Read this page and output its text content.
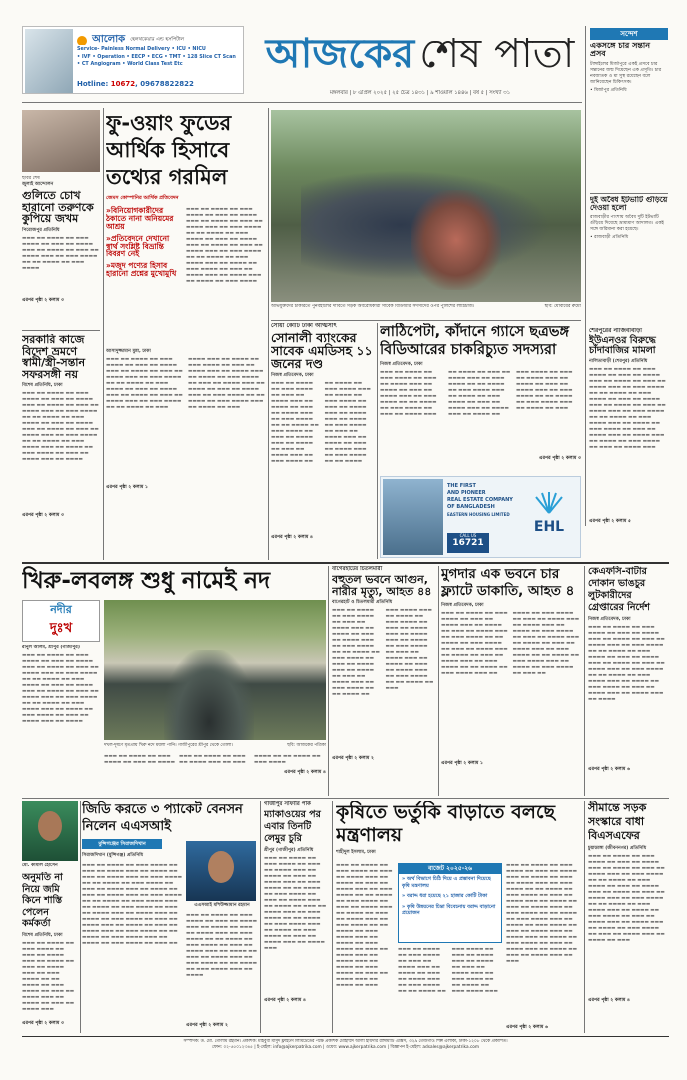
আলোক হেলথকেয়ার এন্ড হসপিটাল
Service- Painless Normal Delivery • ICU • NICU
• IVF • Operation • EECP • ECG • TMT • 128 Slice CT Scan
• CT Angiogram • World Class Test Etc
Hotline: 10672, 09678822822
আজকের শেষ পাতা
মঙ্গলবার | ৮ এপ্রিল ২০২৫ | ২৫ চৈত্র ১৪৩১ | ৯ শাওয়াল ১৪৪৬ | বর্ষ ৫ | সংখ্যা ৩১
সন্দেশ
একসঙ্গে চার সন্তান প্রসব
টাঙ্গাইলের মির্জাপুরে একই প্রসবে চার সন্তানের জন্ম দিয়েছেন এক প্রসূতি। চার নবজাতক ও মা সুস্থ রয়েছেন বলে জানিয়েছেন চিকিৎসক।
• মির্জাপুর প্রতিনিধি
দুই অবৈধ ইটভাটি গুঁড়িয়ে দেওয়া হলো
রাজবাড়ীর পাংশায় অবৈধ দুটি ইটভাটি গুঁড়িয়ে দিয়েছে ভ্রাম্যমাণ আদালত। একই সঙ্গে জরিমানা করা হয়েছে।
• রাজবাড়ী প্রতিনিধি
ছবির শেষ
জুলাই আন্দোলন
গুলিতে চোখ হারানো তরুণকে কুপিয়ে জখম
পিরোজপুর প্রতিনিধি
▬▬▬ ▬▬ ▬▬▬▬ ▬▬ ▬▬▬ ▬▬▬▬ ▬▬ ▬▬▬ ▬▬ ▬▬▬▬ ▬▬▬ ▬▬ ▬▬▬▬ ▬▬ ▬▬▬ ▬▬ ▬▬▬▬ ▬▬▬ ▬▬ ▬▬▬ ▬▬▬▬ ▬▬ ▬▬ ▬▬▬▬ ▬▬ ▬▬▬ ▬▬▬▬
এরপর পৃষ্ঠা ২ কলাম ৩
সরকারি কাজে বিদেশ ভ্রমণে স্বামী/স্ত্রী-সন্তান সফরসঙ্গী নয়
বিশেষ প্রতিনিধি, ঢাকা
▬▬▬ ▬▬ ▬▬▬▬ ▬▬ ▬▬▬ ▬▬▬▬ ▬▬ ▬▬▬ ▬▬ ▬▬▬▬ ▬▬▬ ▬▬ ▬▬▬▬ ▬▬ ▬▬▬ ▬▬ ▬▬▬▬ ▬▬▬ ▬▬ ▬▬▬ ▬▬▬▬ ▬▬ ▬▬ ▬▬▬▬ ▬▬ ▬▬▬ ▬▬▬▬ ▬▬ ▬▬▬ ▬▬ ▬▬▬▬ ▬▬▬ ▬▬ ▬▬▬▬ ▬▬ ▬▬▬ ▬▬ ▬▬▬▬ ▬▬▬ ▬▬ ▬▬▬ ▬▬▬▬ ▬▬ ▬▬ ▬▬▬▬ ▬▬ ▬▬▬ ▬▬▬▬ ▬▬▬ ▬▬ ▬▬▬▬ ▬▬ ▬▬▬ ▬▬▬▬ ▬▬ ▬▬▬ ▬▬ ▬▬▬▬ ▬▬▬ ▬▬ ▬▬▬▬
এরপর পৃষ্ঠা ২ কলাম ৩
ফু-ওয়াং ফুডের আর্থিক হিসাবে তথ্যের গরমিল
জেমস কোম্পানির আর্থিক প্রতিবেদন
»বিনিয়োগকারীদের ঠকাতে নানা অনিয়মের আশ্রয়
»প্রতিবেদনে দেখানো স্বার্থ সংশ্লিষ্ট বিভ্রান্তি বিবরণ নেই
»মজুদ পণ্যের হিসাব হারানো প্রশ্নের মুখোমুখি
▬▬▬ ▬▬ ▬▬▬▬ ▬▬ ▬▬▬ ▬▬▬▬ ▬▬ ▬▬▬ ▬▬ ▬▬▬▬ ▬▬▬ ▬▬ ▬▬▬▬ ▬▬ ▬▬▬ ▬▬ ▬▬▬▬ ▬▬▬ ▬▬ ▬▬▬ ▬▬▬▬ ▬▬ ▬▬ ▬▬▬▬ ▬▬ ▬▬▬ ▬▬▬▬ ▬▬ ▬▬▬ ▬▬ ▬▬▬▬ ▬▬▬ ▬▬ ▬▬▬▬ ▬▬ ▬▬▬ ▬▬ ▬▬▬▬ ▬▬▬ ▬▬ ▬▬▬ ▬▬▬▬ ▬▬ ▬▬ ▬▬▬▬ ▬▬ ▬▬▬ ▬▬▬▬ ▬▬▬ ▬▬ ▬▬▬▬ ▬▬ ▬▬▬ ▬▬▬▬ ▬▬ ▬▬▬ ▬▬ ▬▬▬▬ ▬▬▬ ▬▬ ▬▬▬▬ ▬▬▬ ▬▬ ▬▬▬▬ ▬▬ ▬▬▬ ▬▬▬▬
আসাদুজ্জামান মুন্না, ঢাকা
▬▬▬ ▬▬ ▬▬▬▬ ▬▬ ▬▬▬ ▬▬▬▬ ▬▬ ▬▬▬ ▬▬ ▬▬▬▬ ▬▬▬ ▬▬ ▬▬▬▬ ▬▬ ▬▬▬ ▬▬ ▬▬▬▬ ▬▬▬ ▬▬ ▬▬▬ ▬▬▬▬ ▬▬ ▬▬ ▬▬▬▬ ▬▬ ▬▬▬ ▬▬▬▬ ▬▬ ▬▬▬ ▬▬ ▬▬▬▬ ▬▬▬ ▬▬ ▬▬▬▬ ▬▬ ▬▬▬ ▬▬ ▬▬▬▬ ▬▬▬ ▬▬ ▬▬▬ ▬▬▬▬ ▬▬ ▬▬ ▬▬▬▬ ▬▬ ▬▬▬ ▬▬▬▬ ▬▬▬ ▬▬ ▬▬▬▬ ▬▬ ▬▬▬ ▬▬▬▬ ▬▬ ▬▬▬ ▬▬ ▬▬▬▬ ▬▬▬ ▬▬ ▬▬▬▬ ▬▬▬ ▬▬ ▬▬▬▬ ▬▬ ▬▬▬ ▬▬▬▬ ▬▬ ▬▬▬ ▬▬ ▬▬▬▬ ▬▬▬ ▬▬ ▬▬▬▬ ▬▬ ▬▬▬ ▬▬ ▬▬▬▬ ▬▬▬ ▬▬ ▬▬▬ ▬▬▬▬ ▬▬ ▬▬ ▬▬▬▬ ▬▬ ▬▬▬ ▬▬▬▬ ▬▬▬ ▬▬ ▬▬▬▬ ▬▬ ▬▬▬
এরপর পৃষ্ঠা ২ কলাম ১
অভিযুক্তদের চাকরিতে পুনর্বহালের দাবিতে সড়ক অবরোধকারী সাবেক বিডিআর সদস্যদের ওপর পুলিশের লাঠিচার্জ।	ছবি: যোবায়ের রুমো
সোয়া কোটি টাকা আত্মসাৎ
সোনালী ব্যাংকের সাবেক এমডিসহ ১১ জনের দণ্ড
নিজস্ব প্রতিবেদক, ঢাকা
▬▬▬ ▬▬ ▬▬▬▬ ▬▬ ▬▬▬ ▬▬▬▬ ▬▬ ▬▬▬ ▬▬ ▬▬▬▬ ▬▬▬ ▬▬ ▬▬▬▬ ▬▬ ▬▬▬ ▬▬ ▬▬▬▬ ▬▬▬ ▬▬ ▬▬▬ ▬▬▬▬ ▬▬ ▬▬ ▬▬▬▬ ▬▬ ▬▬▬ ▬▬▬▬ ▬▬ ▬▬▬ ▬▬ ▬▬▬▬ ▬▬▬ ▬▬ ▬▬▬▬ ▬▬ ▬▬▬ ▬▬ ▬▬▬▬ ▬▬▬ ▬▬ ▬▬▬ ▬▬▬▬ ▬▬ ▬▬ ▬▬▬▬ ▬▬ ▬▬▬ ▬▬▬▬ ▬▬▬ ▬▬ ▬▬▬▬ ▬▬ ▬▬▬ ▬▬▬▬ ▬▬ ▬▬▬ ▬▬ ▬▬▬▬ ▬▬▬ ▬▬ ▬▬▬▬ ▬▬▬ ▬▬ ▬▬▬▬ ▬▬ ▬▬▬ ▬▬▬▬ ▬▬ ▬▬▬ ▬▬ ▬▬▬▬ ▬▬▬ ▬▬ ▬▬▬▬ ▬▬ ▬▬▬ ▬▬ ▬▬▬▬ ▬▬▬ ▬▬ ▬▬▬ ▬▬▬▬ ▬▬ ▬▬ ▬▬▬▬
এরপর পৃষ্ঠা ২ কলাম ৪
লাঠিপেটা, কাঁদানে গ্যাসে ছত্রভঙ্গ বিডিআরের চাকরিচ্যুত সদস্যরা
নিজস্ব প্রতিবেদক, ঢাকা
▬▬▬ ▬▬ ▬▬▬▬ ▬▬ ▬▬▬ ▬▬▬▬ ▬▬ ▬▬▬ ▬▬ ▬▬▬▬ ▬▬▬ ▬▬ ▬▬▬▬ ▬▬ ▬▬▬ ▬▬ ▬▬▬▬ ▬▬▬ ▬▬ ▬▬▬ ▬▬▬▬ ▬▬ ▬▬ ▬▬▬▬ ▬▬ ▬▬▬ ▬▬▬▬ ▬▬ ▬▬▬ ▬▬ ▬▬▬▬ ▬▬▬ ▬▬ ▬▬▬▬ ▬▬ ▬▬▬ ▬▬ ▬▬▬▬ ▬▬▬ ▬▬ ▬▬▬ ▬▬▬▬ ▬▬ ▬▬ ▬▬▬▬ ▬▬ ▬▬▬ ▬▬▬▬ ▬▬▬ ▬▬ ▬▬▬▬ ▬▬ ▬▬▬ ▬▬▬▬ ▬▬ ▬▬▬ ▬▬ ▬▬▬▬ ▬▬▬ ▬▬ ▬▬▬▬ ▬▬▬ ▬▬ ▬▬▬▬ ▬▬ ▬▬▬ ▬▬▬▬ ▬▬ ▬▬▬ ▬▬ ▬▬▬▬ ▬▬▬ ▬▬ ▬▬▬▬ ▬▬ ▬▬▬ ▬▬ ▬▬▬▬ ▬▬▬ ▬▬ ▬▬▬ ▬▬▬▬ ▬▬ ▬▬ ▬▬▬▬ ▬▬ ▬▬▬ ▬▬▬▬ ▬▬▬ ▬▬ ▬▬▬▬ ▬▬ ▬▬▬
এরপর পৃষ্ঠা ২ কলাম ৩
THE FIRST
AND PIONEER
REAL ESTATE COMPANY
OF BANGLADESH
EASTERN HOUSING LIMITED
CALL US
16721
EHL
শেরপুরের নাজিবাবাড়ী
ইউএনওর বিরুদ্ধে চাঁদাবাজির মামলা
নালিতাবাড়ী (শেরপুর) প্রতিনিধি
▬▬▬ ▬▬ ▬▬▬▬ ▬▬ ▬▬▬ ▬▬▬▬ ▬▬ ▬▬▬ ▬▬ ▬▬▬▬ ▬▬▬ ▬▬ ▬▬▬▬ ▬▬ ▬▬▬ ▬▬ ▬▬▬▬ ▬▬▬ ▬▬ ▬▬▬ ▬▬▬▬ ▬▬ ▬▬ ▬▬▬▬ ▬▬ ▬▬▬ ▬▬▬▬ ▬▬ ▬▬▬ ▬▬ ▬▬▬▬ ▬▬▬ ▬▬ ▬▬▬▬ ▬▬ ▬▬▬ ▬▬ ▬▬▬▬ ▬▬▬ ▬▬ ▬▬▬ ▬▬▬▬ ▬▬ ▬▬ ▬▬▬▬ ▬▬ ▬▬▬ ▬▬▬▬ ▬▬▬ ▬▬ ▬▬▬▬ ▬▬ ▬▬▬ ▬▬▬▬ ▬▬ ▬▬▬ ▬▬ ▬▬▬▬ ▬▬▬ ▬▬ ▬▬▬▬ ▬▬▬ ▬▬ ▬▬▬▬ ▬▬ ▬▬▬ ▬▬▬▬ ▬▬ ▬▬▬ ▬▬ ▬▬▬▬ ▬▬▬
এরপর পৃষ্ঠা ২ কলাম ৫
খিরু-লবলঙ্গ শুধু নামেই নদ
নদীর
দুঃখ
রানুল আলম, শ্রীপুর (গাজীপুর)
▬▬▬ ▬▬ ▬▬▬▬ ▬▬ ▬▬▬ ▬▬▬▬ ▬▬ ▬▬▬ ▬▬ ▬▬▬▬ ▬▬▬ ▬▬ ▬▬▬▬ ▬▬ ▬▬▬ ▬▬ ▬▬▬▬ ▬▬▬ ▬▬ ▬▬▬ ▬▬▬▬ ▬▬ ▬▬ ▬▬▬▬ ▬▬ ▬▬▬ ▬▬▬▬ ▬▬ ▬▬▬ ▬▬ ▬▬▬▬ ▬▬▬ ▬▬ ▬▬▬▬ ▬▬ ▬▬▬ ▬▬ ▬▬▬▬ ▬▬▬ ▬▬ ▬▬▬ ▬▬▬▬ ▬▬ ▬▬ ▬▬▬▬ ▬▬ ▬▬▬ ▬▬▬▬ ▬▬▬ ▬▬ ▬▬▬▬ ▬▬ ▬▬▬ ▬▬▬▬ ▬▬ ▬▬▬ ▬▬ ▬▬▬▬ ▬▬▬ ▬▬ ▬▬▬▬
দখল-দূষণে মৃতপ্রায় খিরু নদে ময়লা পানি। গাজীপুরের শ্রীপুর থেকে তোলা।	ছবি: আজকের পত্রিকা
▬▬▬ ▬▬ ▬▬▬▬ ▬▬ ▬▬▬ ▬▬▬▬ ▬▬ ▬▬▬ ▬▬ ▬▬▬▬ ▬▬▬ ▬▬ ▬▬▬▬ ▬▬ ▬▬▬ ▬▬ ▬▬▬▬ ▬▬▬ ▬▬ ▬▬▬ ▬▬▬▬ ▬▬ ▬▬ ▬▬▬▬ ▬▬ ▬▬▬ ▬▬▬▬
এরপর পৃষ্ঠা ২ কলাম ৪
বাগেরহাটের চিতলমারী
বহুতল ভবনে আগুন, নারীর মৃত্যু, আহত ৪৪
বাগেরহাট ও চিতলমারী প্রতিনিধি
▬▬▬ ▬▬ ▬▬▬▬ ▬▬ ▬▬▬ ▬▬▬▬ ▬▬ ▬▬▬ ▬▬ ▬▬▬▬ ▬▬▬ ▬▬ ▬▬▬▬ ▬▬ ▬▬▬ ▬▬ ▬▬▬▬ ▬▬▬ ▬▬ ▬▬▬ ▬▬▬▬ ▬▬ ▬▬ ▬▬▬▬ ▬▬ ▬▬▬ ▬▬▬▬ ▬▬ ▬▬▬ ▬▬ ▬▬▬▬ ▬▬▬ ▬▬ ▬▬▬▬ ▬▬ ▬▬▬ ▬▬ ▬▬▬▬ ▬▬▬ ▬▬ ▬▬▬ ▬▬▬▬ ▬▬ ▬▬ ▬▬▬▬ ▬▬ ▬▬▬ ▬▬▬▬ ▬▬▬ ▬▬ ▬▬▬▬ ▬▬ ▬▬▬ ▬▬▬▬ ▬▬ ▬▬▬ ▬▬ ▬▬▬▬ ▬▬▬ ▬▬ ▬▬▬▬ ▬▬▬ ▬▬ ▬▬▬▬ ▬▬ ▬▬▬ ▬▬▬▬ ▬▬ ▬▬▬ ▬▬ ▬▬▬▬ ▬▬▬ ▬▬ ▬▬▬▬ ▬▬ ▬▬▬ ▬▬ ▬▬▬▬ ▬▬▬ ▬▬ ▬▬▬ ▬▬▬▬ ▬▬ ▬▬ ▬▬▬▬ ▬▬ ▬▬▬
এরপর পৃষ্ঠা ২ কলাম ২
মুগদার এক ভবনে চার ফ্ল্যাটে ডাকাতি, আহত ৪
নিজস্ব প্রতিবেদক, ঢাকা
▬▬▬ ▬▬ ▬▬▬▬ ▬▬ ▬▬▬ ▬▬▬▬ ▬▬ ▬▬▬ ▬▬ ▬▬▬▬ ▬▬▬ ▬▬ ▬▬▬▬ ▬▬ ▬▬▬ ▬▬ ▬▬▬▬ ▬▬▬ ▬▬ ▬▬▬ ▬▬▬▬ ▬▬ ▬▬ ▬▬▬▬ ▬▬ ▬▬▬ ▬▬▬▬ ▬▬ ▬▬▬ ▬▬ ▬▬▬▬ ▬▬▬ ▬▬ ▬▬▬▬ ▬▬ ▬▬▬ ▬▬ ▬▬▬▬ ▬▬▬ ▬▬ ▬▬▬ ▬▬▬▬ ▬▬ ▬▬ ▬▬▬▬ ▬▬ ▬▬▬ ▬▬▬▬ ▬▬▬ ▬▬ ▬▬▬▬ ▬▬ ▬▬▬ ▬▬▬▬ ▬▬ ▬▬▬ ▬▬ ▬▬▬▬ ▬▬▬ ▬▬ ▬▬▬▬ ▬▬▬ ▬▬ ▬▬▬▬ ▬▬ ▬▬▬ ▬▬▬▬ ▬▬ ▬▬▬ ▬▬ ▬▬▬▬ ▬▬▬ ▬▬ ▬▬▬▬ ▬▬ ▬▬▬ ▬▬ ▬▬▬▬ ▬▬▬ ▬▬ ▬▬▬ ▬▬▬▬ ▬▬ ▬▬ ▬▬▬▬ ▬▬ ▬▬▬ ▬▬▬▬ ▬▬▬ ▬▬ ▬▬▬▬ ▬▬ ▬▬▬ ▬▬▬▬ ▬▬ ▬▬▬ ▬▬
এরপর পৃষ্ঠা ২ কলাম ১
কেএফসি-বাটার দোকান ভাঙচুর লুটকারীদের গ্রেপ্তারের নির্দেশ
নিজস্ব প্রতিবেদক, ঢাকা
▬▬▬ ▬▬ ▬▬▬▬ ▬▬ ▬▬▬ ▬▬▬▬ ▬▬ ▬▬▬ ▬▬ ▬▬▬▬ ▬▬▬ ▬▬ ▬▬▬▬ ▬▬ ▬▬▬ ▬▬ ▬▬▬▬ ▬▬▬ ▬▬ ▬▬▬ ▬▬▬▬ ▬▬ ▬▬ ▬▬▬▬ ▬▬ ▬▬▬ ▬▬▬▬ ▬▬ ▬▬▬ ▬▬ ▬▬▬▬ ▬▬▬ ▬▬ ▬▬▬▬ ▬▬ ▬▬▬ ▬▬ ▬▬▬▬ ▬▬▬ ▬▬ ▬▬▬ ▬▬▬▬ ▬▬ ▬▬ ▬▬▬▬ ▬▬ ▬▬▬ ▬▬▬▬ ▬▬▬ ▬▬ ▬▬▬▬ ▬▬ ▬▬▬ ▬▬▬▬ ▬▬ ▬▬▬ ▬▬ ▬▬▬▬ ▬▬▬ ▬▬ ▬▬▬▬ ▬▬▬ ▬▬ ▬▬▬▬
এরপর পৃষ্ঠা ২ কলাম ৬
জিডি করতে ৩ প্যাকেট বেনসন নিলেন এএসআই
মুন্সিগঞ্জের সিরাজদিখান
সিরাজদিখান (মুন্সিগঞ্জ) প্রতিনিধি
এএসআই মশিউজ্জামান রহমান
▬▬▬ ▬▬ ▬▬▬▬ ▬▬ ▬▬▬ ▬▬▬▬ ▬▬ ▬▬▬ ▬▬ ▬▬▬▬ ▬▬▬ ▬▬ ▬▬▬▬ ▬▬ ▬▬▬ ▬▬ ▬▬▬▬ ▬▬▬ ▬▬ ▬▬▬ ▬▬▬▬ ▬▬ ▬▬ ▬▬▬▬ ▬▬ ▬▬▬ ▬▬▬▬ ▬▬ ▬▬▬ ▬▬ ▬▬▬▬ ▬▬▬ ▬▬ ▬▬▬▬ ▬▬ ▬▬▬ ▬▬ ▬▬▬▬ ▬▬▬ ▬▬ ▬▬▬ ▬▬▬▬ ▬▬ ▬▬ ▬▬▬▬ ▬▬ ▬▬▬ ▬▬▬▬ ▬▬▬ ▬▬ ▬▬▬▬ ▬▬ ▬▬▬ ▬▬▬▬ ▬▬ ▬▬▬ ▬▬ ▬▬▬▬ ▬▬▬ ▬▬ ▬▬▬▬ ▬▬▬ ▬▬ ▬▬▬▬ ▬▬ ▬▬▬ ▬▬▬▬ ▬▬ ▬▬▬ ▬▬ ▬▬▬▬ ▬▬▬ ▬▬ ▬▬▬▬ ▬▬ ▬▬▬ ▬▬ ▬▬▬▬ ▬▬▬ ▬▬ ▬▬▬ ▬▬▬▬ ▬▬ ▬▬ ▬▬▬▬ ▬▬ ▬▬▬ ▬▬▬▬ ▬▬▬ ▬▬ ▬▬▬▬ ▬▬ ▬▬▬ ▬▬▬▬ ▬▬ ▬▬▬ ▬▬
▬▬▬ ▬▬ ▬▬▬▬ ▬▬ ▬▬▬ ▬▬▬▬ ▬▬ ▬▬▬ ▬▬ ▬▬▬▬ ▬▬▬ ▬▬ ▬▬▬▬ ▬▬ ▬▬▬ ▬▬ ▬▬▬▬ ▬▬▬ ▬▬ ▬▬▬ ▬▬▬▬ ▬▬ ▬▬ ▬▬▬▬ ▬▬ ▬▬▬ ▬▬▬▬ ▬▬ ▬▬▬ ▬▬ ▬▬▬▬ ▬▬▬ ▬▬ ▬▬▬▬ ▬▬ ▬▬▬ ▬▬ ▬▬▬▬ ▬▬▬ ▬▬ ▬▬▬ ▬▬▬▬ ▬▬ ▬▬ ▬▬▬▬ ▬▬ ▬▬▬ ▬▬▬▬ ▬▬▬ ▬▬ ▬▬▬▬
এরপর পৃষ্ঠা ২ কলাম ২
মো. কামাল হোসেন
অনুমতি না নিয়ে জমি কিনে শাস্তি পেলেন কর্মকর্তা
বিশেষ প্রতিনিধি, ঢাকা
▬▬▬ ▬▬ ▬▬▬▬ ▬▬ ▬▬▬ ▬▬▬▬ ▬▬ ▬▬▬ ▬▬ ▬▬▬▬ ▬▬▬ ▬▬ ▬▬▬▬ ▬▬ ▬▬▬ ▬▬ ▬▬▬▬ ▬▬▬ ▬▬ ▬▬▬ ▬▬▬▬ ▬▬ ▬▬ ▬▬▬▬ ▬▬ ▬▬▬ ▬▬▬▬ ▬▬ ▬▬▬ ▬▬ ▬▬▬▬ ▬▬▬ ▬▬ ▬▬▬▬ ▬▬ ▬▬▬ ▬▬ ▬▬▬▬ ▬▬▬
এরপর পৃষ্ঠা ২ কলাম ৩
গাজীপুর সাফারি পার্ক
ম্যাকাওয়ের পর এবার তিনটি লেমুর চুরি
শ্রীপুর (গাজীপুর) প্রতিনিধি
▬▬▬ ▬▬ ▬▬▬▬ ▬▬ ▬▬▬ ▬▬▬▬ ▬▬ ▬▬▬ ▬▬ ▬▬▬▬ ▬▬▬ ▬▬ ▬▬▬▬ ▬▬ ▬▬▬ ▬▬ ▬▬▬▬ ▬▬▬ ▬▬ ▬▬▬ ▬▬▬▬ ▬▬ ▬▬ ▬▬▬▬ ▬▬ ▬▬▬ ▬▬▬▬ ▬▬ ▬▬▬ ▬▬ ▬▬▬▬ ▬▬▬ ▬▬ ▬▬▬▬ ▬▬ ▬▬▬ ▬▬ ▬▬▬▬ ▬▬▬ ▬▬ ▬▬▬ ▬▬▬▬ ▬▬ ▬▬ ▬▬▬▬ ▬▬ ▬▬▬ ▬▬▬▬ ▬▬▬ ▬▬ ▬▬▬▬ ▬▬ ▬▬▬ ▬▬▬▬ ▬▬ ▬▬▬ ▬▬ ▬▬▬▬ ▬▬▬ ▬▬ ▬▬▬▬ ▬▬▬
এরপর পৃষ্ঠা ২ কলাম ৪
কৃষিতে ভর্তুকি বাড়াতে বলছে মন্ত্রণালয়
শাহীদুল ইসলাম, ঢাকা
বাজেট ২০২৫-২৬
» অর্থ বিভাগে চিঠি দিয়ে এ প্রস্তাবনা দিয়েছে কৃষি মন্ত্রণালয়
» বরাদ্দ ধরা হয়েছে ২১ হাজার কোটি টাকা
» কৃষি উন্নয়নের চিন্তা বিবেচনায় বরাদ্দ বাড়ানো প্রয়োজন
▬▬▬ ▬▬ ▬▬▬▬ ▬▬ ▬▬▬ ▬▬▬▬ ▬▬ ▬▬▬ ▬▬ ▬▬▬▬ ▬▬▬ ▬▬ ▬▬▬▬ ▬▬ ▬▬▬ ▬▬ ▬▬▬▬ ▬▬▬ ▬▬ ▬▬▬ ▬▬▬▬ ▬▬ ▬▬ ▬▬▬▬ ▬▬ ▬▬▬ ▬▬▬▬ ▬▬ ▬▬▬ ▬▬ ▬▬▬▬ ▬▬▬ ▬▬ ▬▬▬▬ ▬▬ ▬▬▬ ▬▬ ▬▬▬▬ ▬▬▬ ▬▬ ▬▬▬ ▬▬▬▬ ▬▬ ▬▬ ▬▬▬▬ ▬▬ ▬▬▬ ▬▬▬▬ ▬▬▬ ▬▬ ▬▬▬▬ ▬▬ ▬▬▬ ▬▬▬▬ ▬▬ ▬▬▬ ▬▬ ▬▬▬▬ ▬▬▬ ▬▬ ▬▬▬▬ ▬▬▬ ▬▬ ▬▬▬▬ ▬▬ ▬▬▬ ▬▬▬▬ ▬▬ ▬▬▬ ▬▬ ▬▬▬▬ ▬▬▬ ▬▬ ▬▬▬▬ ▬▬ ▬▬▬
▬▬▬ ▬▬ ▬▬▬▬ ▬▬ ▬▬▬ ▬▬▬▬ ▬▬ ▬▬▬ ▬▬ ▬▬▬▬ ▬▬▬ ▬▬ ▬▬▬▬ ▬▬ ▬▬▬ ▬▬ ▬▬▬▬ ▬▬▬ ▬▬ ▬▬▬ ▬▬▬▬ ▬▬ ▬▬ ▬▬▬▬ ▬▬ ▬▬▬ ▬▬▬▬ ▬▬ ▬▬▬ ▬▬ ▬▬▬▬ ▬▬▬ ▬▬ ▬▬▬▬ ▬▬ ▬▬▬ ▬▬ ▬▬▬▬ ▬▬▬ ▬▬ ▬▬▬ ▬▬▬▬ ▬▬ ▬▬ ▬▬▬▬ ▬▬ ▬▬▬ ▬▬▬▬ ▬▬▬
▬▬▬ ▬▬ ▬▬▬▬ ▬▬ ▬▬▬ ▬▬▬▬ ▬▬ ▬▬▬ ▬▬ ▬▬▬▬ ▬▬▬ ▬▬ ▬▬▬▬ ▬▬ ▬▬▬ ▬▬ ▬▬▬▬ ▬▬▬ ▬▬ ▬▬▬ ▬▬▬▬ ▬▬ ▬▬ ▬▬▬▬ ▬▬ ▬▬▬ ▬▬▬▬ ▬▬ ▬▬▬ ▬▬ ▬▬▬▬ ▬▬▬ ▬▬ ▬▬▬▬ ▬▬ ▬▬▬ ▬▬ ▬▬▬▬ ▬▬▬ ▬▬ ▬▬▬ ▬▬▬▬ ▬▬ ▬▬ ▬▬▬▬ ▬▬ ▬▬▬ ▬▬▬▬ ▬▬▬ ▬▬ ▬▬▬▬ ▬▬ ▬▬▬ ▬▬▬▬ ▬▬ ▬▬▬ ▬▬ ▬▬▬▬ ▬▬▬ ▬▬ ▬▬▬▬ ▬▬▬ ▬▬ ▬▬▬▬ ▬▬ ▬▬▬ ▬▬▬▬ ▬▬ ▬▬▬ ▬▬ ▬▬▬▬ ▬▬▬ ▬▬ ▬▬▬▬ ▬▬ ▬▬▬ ▬▬ ▬▬▬▬ ▬▬▬ ▬▬ ▬▬▬
এরপর পৃষ্ঠা ২ কলাম ৬
সীমান্তে সড়ক সংস্কারে বাধা বিএসএফের
চুয়াডাঙ্গা (জীবননগর) প্রতিনিধি
▬▬▬ ▬▬ ▬▬▬▬ ▬▬ ▬▬▬ ▬▬▬▬ ▬▬ ▬▬▬ ▬▬ ▬▬▬▬ ▬▬▬ ▬▬ ▬▬▬▬ ▬▬ ▬▬▬ ▬▬ ▬▬▬▬ ▬▬▬ ▬▬ ▬▬▬ ▬▬▬▬ ▬▬ ▬▬ ▬▬▬▬ ▬▬ ▬▬▬ ▬▬▬▬ ▬▬ ▬▬▬ ▬▬ ▬▬▬▬ ▬▬▬ ▬▬ ▬▬▬▬ ▬▬ ▬▬▬ ▬▬ ▬▬▬▬ ▬▬▬ ▬▬ ▬▬▬ ▬▬▬▬ ▬▬ ▬▬ ▬▬▬▬ ▬▬ ▬▬▬ ▬▬▬▬ ▬▬▬ ▬▬ ▬▬▬▬ ▬▬ ▬▬▬ ▬▬▬▬ ▬▬ ▬▬▬ ▬▬ ▬▬▬▬ ▬▬▬ ▬▬ ▬▬▬▬ ▬▬▬ ▬▬ ▬▬▬▬ ▬▬ ▬▬▬ ▬▬▬▬ ▬▬ ▬▬▬ ▬▬ ▬▬▬▬ ▬▬▬ ▬▬ ▬▬▬▬ ▬▬ ▬▬▬
এরপর পৃষ্ঠা ২ কলাম ৪
সম্পাদক: ড. মো. গোলাম রহমান। প্রকাশক: মাহবুবা মাসুদ ফ্লাইটস লিমিটেডের পক্ষে প্রকাশক মোহাম্মদ আলী হায়দার রাঙ্গামাটি এক্সিস, ৩২৯ তেজগাঁও শিল্প এলাকা, ঢাকা-১২০৮ থেকে প্রকাশিত।
ফোন: ০২-৫৫০১২৩৪৫ | ই-মেইল: info@ajkerpatrika.com | ওয়েব: www.ajkerpatrika.com | বিজ্ঞাপন ই-মেইল: adsales@ajkerpatrika.com
